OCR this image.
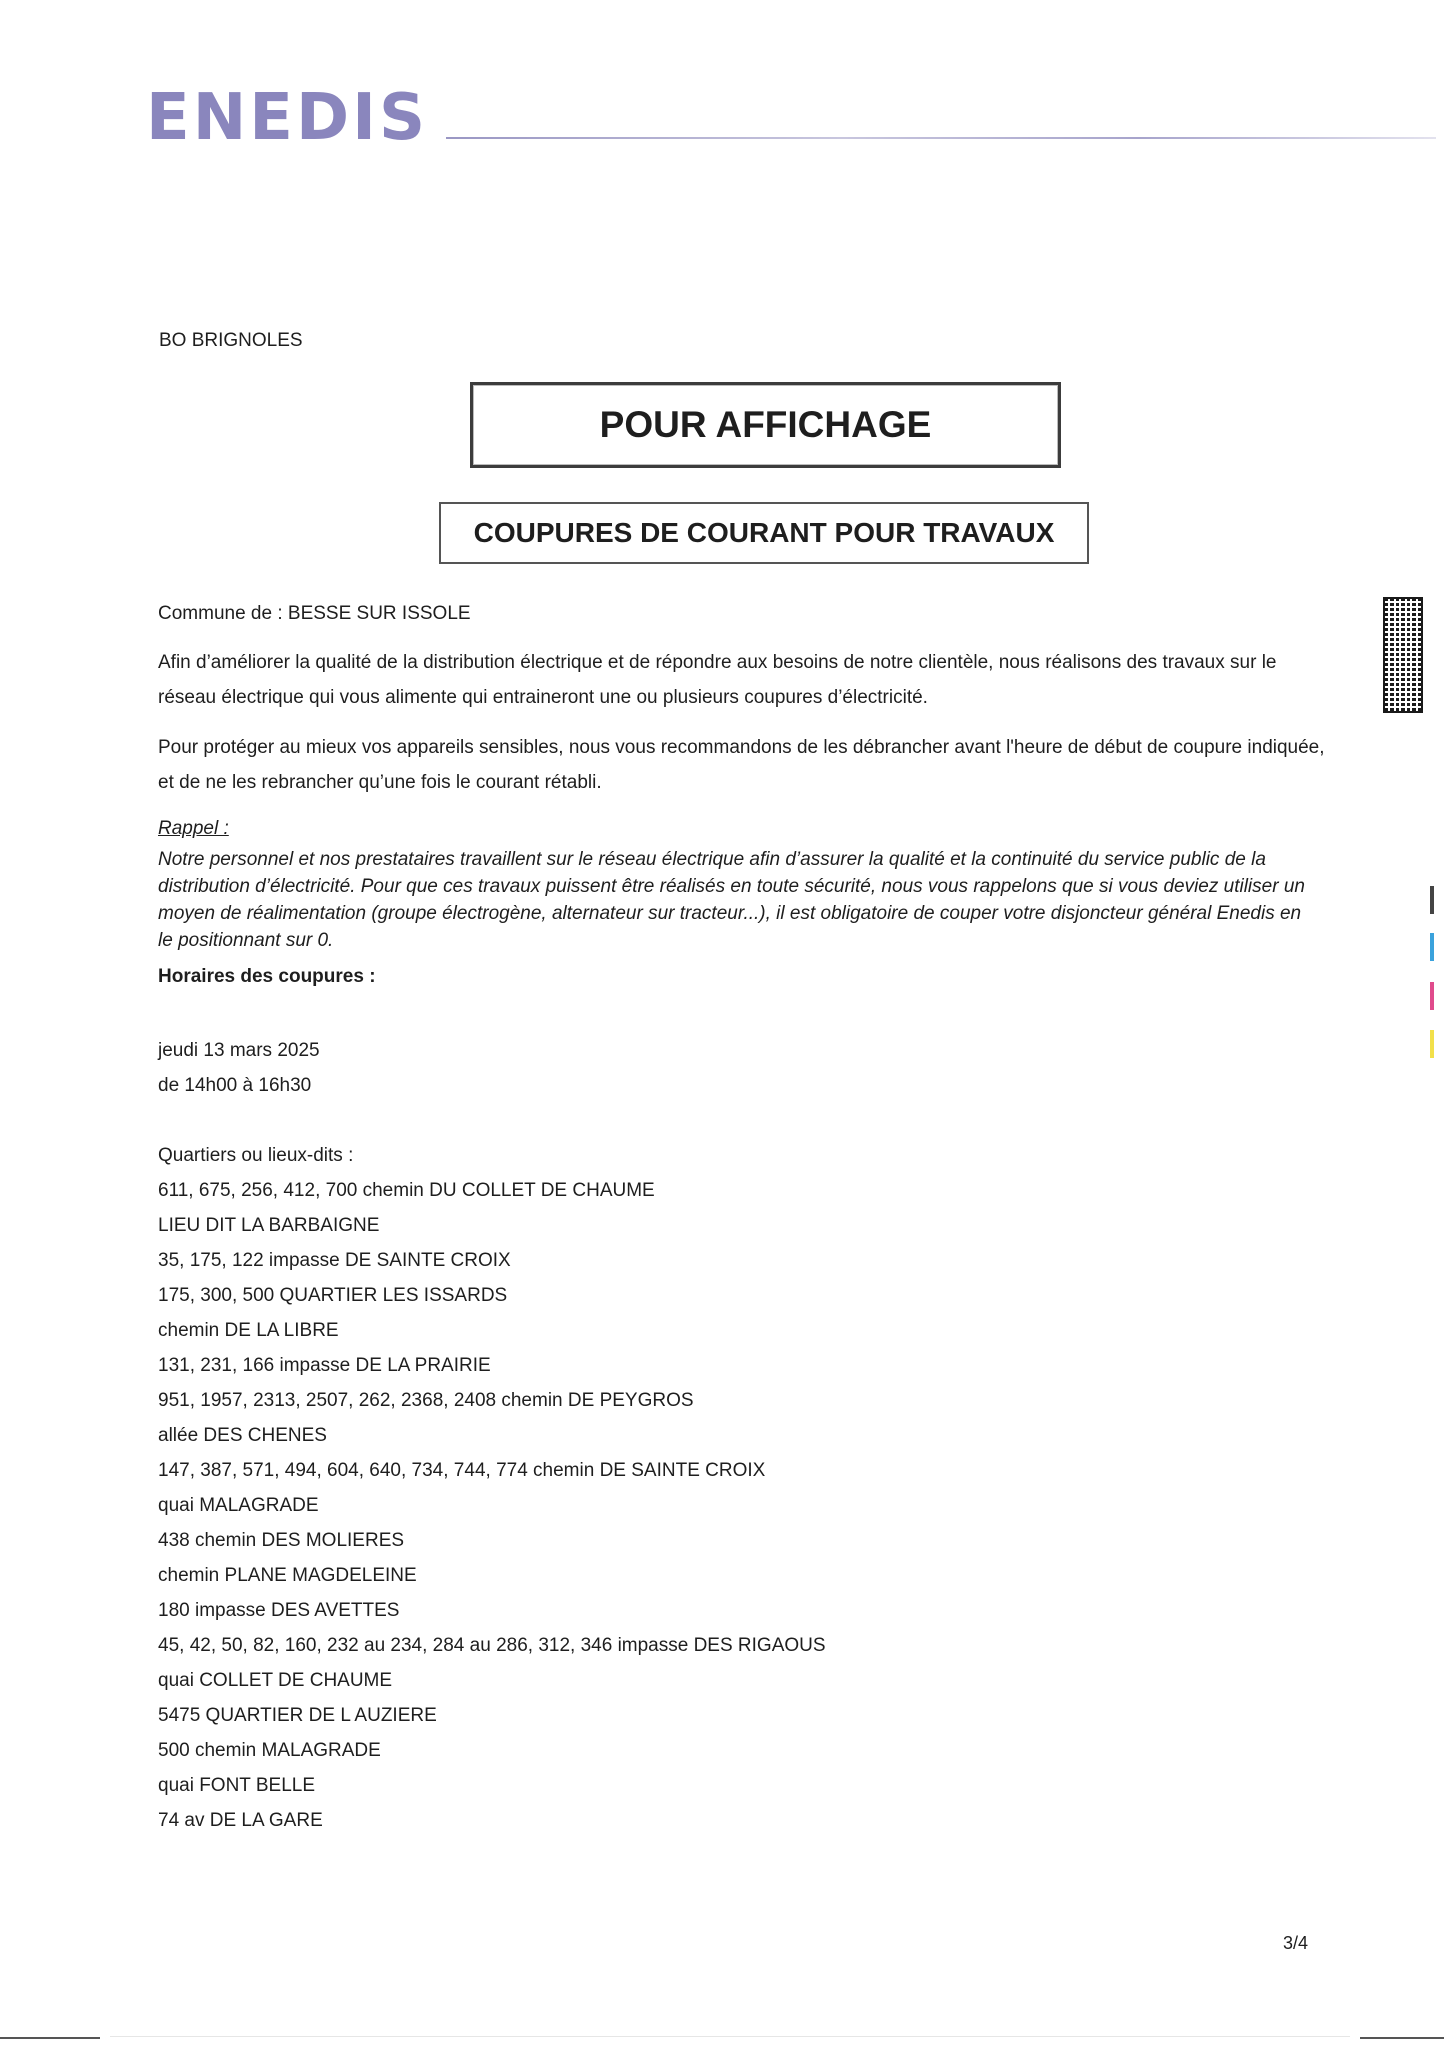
ENEDIS
BO BRIGNOLES
POUR AFFICHAGE
COUPURES DE COURANT POUR TRAVAUX
Commune de : BESSE SUR ISSOLE
Afin d’améliorer la qualité de la distribution électrique et de répondre aux besoins de notre clientèle, nous réalisons des travaux sur le réseau électrique qui vous alimente qui entraineront une ou plusieurs coupures d’électricité.
Pour protéger au mieux vos appareils sensibles, nous vous recommandons de les débrancher avant l'heure de début de coupure indiquée, et de ne les rebrancher qu’une fois le courant rétabli.
Rappel :
Notre personnel et nos prestataires travaillent sur le réseau électrique afin d’assurer la qualité et la continuité du service public de la distribution d’électricité. Pour que ces travaux puissent être réalisés en toute sécurité, nous vous rappelons que si vous deviez utiliser un moyen de réalimentation (groupe électrogène, alternateur sur tracteur...), il est obligatoire de couper votre disjoncteur général Enedis en le positionnant sur 0.
Horaires des coupures :
jeudi 13 mars 2025
de 14h00 à 16h30
Quartiers ou lieux-dits :
611, 675, 256, 412, 700 chemin DU COLLET DE CHAUME
LIEU DIT LA BARBAIGNE
35, 175, 122 impasse DE SAINTE CROIX
175, 300, 500 QUARTIER LES ISSARDS
chemin DE LA LIBRE
131, 231, 166 impasse DE LA PRAIRIE
951, 1957, 2313, 2507, 262, 2368, 2408 chemin DE PEYGROS
allée DES CHENES
147, 387, 571, 494, 604, 640, 734, 744, 774 chemin DE SAINTE CROIX
quai MALAGRADE
438 chemin DES MOLIERES
chemin PLANE MAGDELEINE
180 impasse DES AVETTES
45, 42, 50, 82, 160, 232 au 234, 284 au 286, 312, 346 impasse DES RIGAOUS
quai COLLET DE CHAUME
5475 QUARTIER DE L AUZIERE
500 chemin MALAGRADE
quai FONT BELLE
74 av DE LA GARE
3/4
